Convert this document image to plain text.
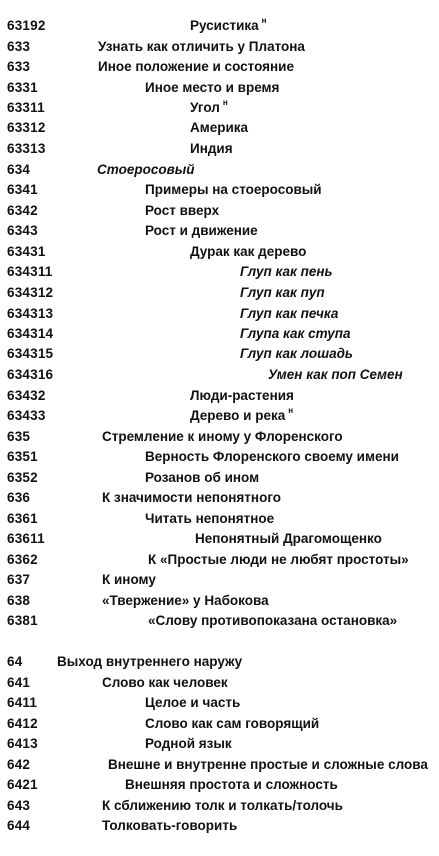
63192	Русистика $^н$
633	Узнать как отличить у Платона
633	Иное положение и состояние
6331	Иное место и время
63311	Угол $^н$
63312	Америка
63313	Индия
634	Стоеросовый
6341	Примеры на стоеросовый
6342	Рост вверх
6343	Рост и движение
63431	Дурак как дерево
634311	Глуп как пень
634312	Глуп как пуп
634313	Глуп как печка
634314	Глупа как ступа
634315	Глуп как лошадь
634316	Умен как поп Семен
63432	Люди-растения
63433	Дерево и река $^н$
635	Стремление к иному у Флоренского
6351	Верность Флоренского своему имени
6352	Розанов об ином
636	К значимости непонятного
6361	Читать непонятное
63611	Непонятный Драгомощенко
6362	К «Простые люди не любят простоты»
637	К иному
638	«Твержение» у Набокова
6381	«Слову противопоказана остановка»
64	Выход внутреннего наружу
641	Слово как человек
6411	Целое и часть
6412	Слово как сам говорящий
6413	Родной язык
642	Внешне и внутренне простые и сложные слова
6421	Внешняя простота и сложность
643	К сближению толк и толкать/толочь
644	Толковать-говорить
